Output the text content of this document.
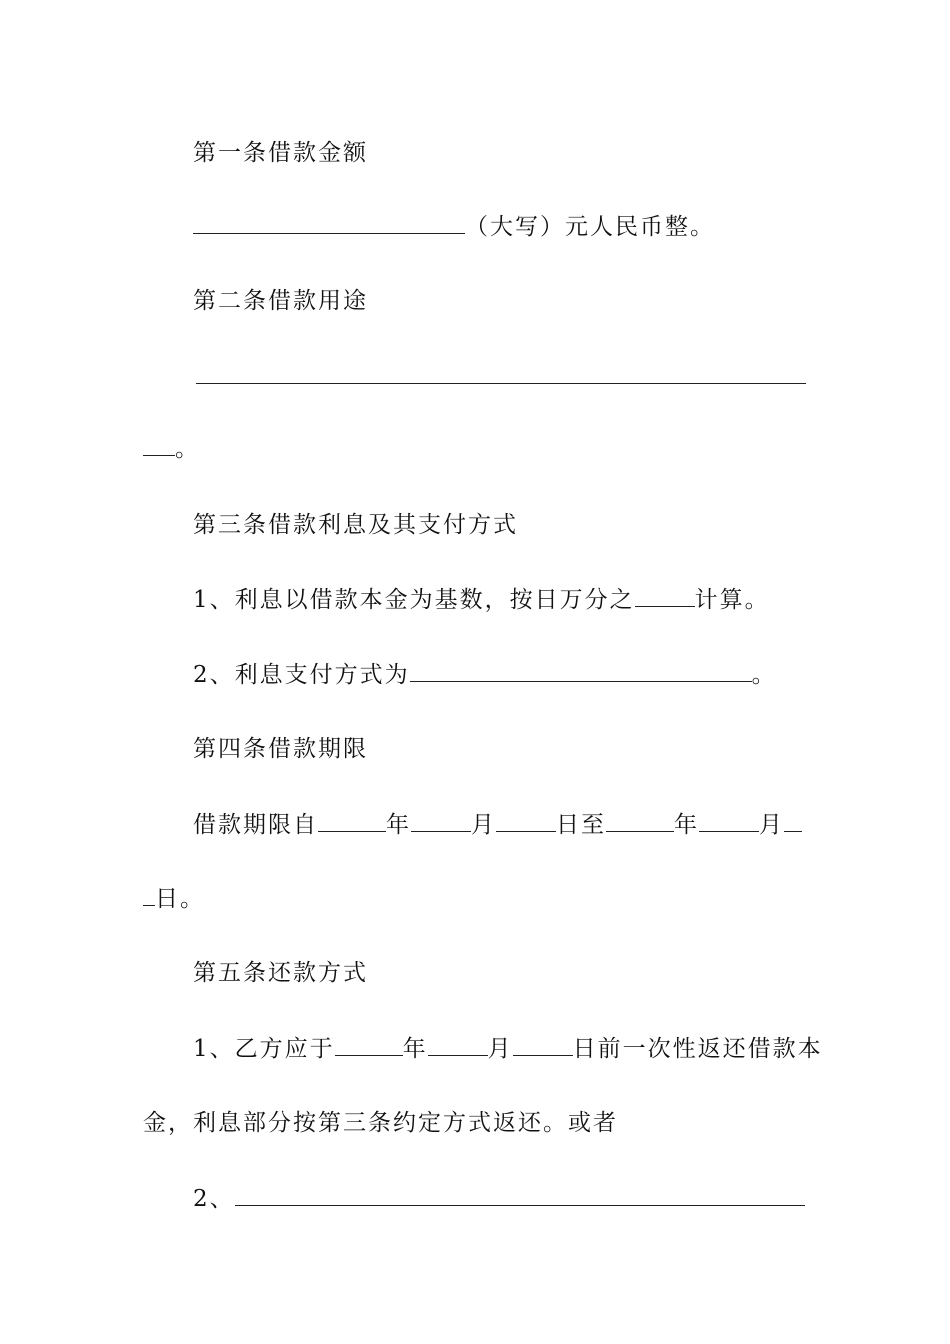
第一条借款金额
（大写）元人民币整。
第二条借款用途
。
第三条借款利息及其支付方式
1、利息以借款本金为基数，按日万分之	计算。
2、利息支付方式为	。
第四条借款期限
借款期限自	年	月	日至	年	月
日。
第五条还款方式
1、乙方应于	年	月	日前一次性返还借款本
金，利息部分按第三条约定方式返还。或者
2、
